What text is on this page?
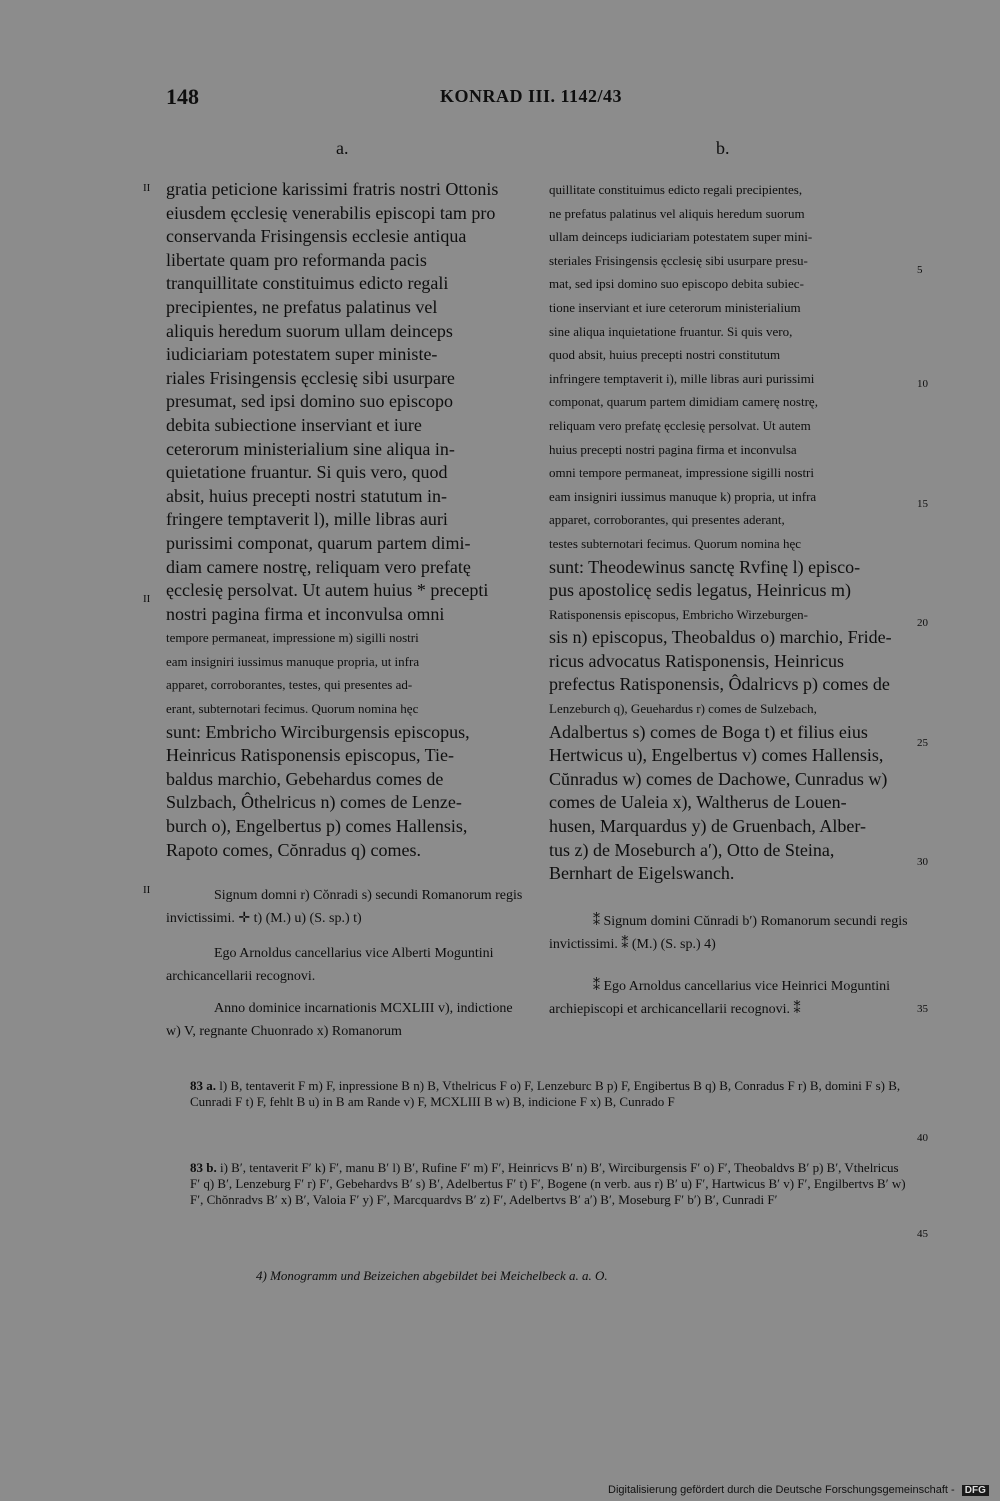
148	KONRAD III. 1142/43
a.	b.
II
II
II

gratia peticione karissimi fratris nostri Ottonis

eiusdem ęcclesię venerabilis episcopi tam pro

conservanda Frisingensis ecclesie antiqua

libertate quam pro reformanda pacis

tranquillitate constituimus edicto regali

precipientes, ne prefatus palatinus vel

aliquis heredum suorum ullam deinceps

iudiciariam potestatem super ministe-

riales Frisingensis ęcclesię sibi usurpare

presumat, sed ipsi domino suo episcopo

debita subiectione inserviant et iure

ceterorum ministerialium sine aliqua in-

quietatione fruantur. Si quis vero, quod

absit, huius precepti nostri statutum in-

fringere temptaverit l), mille libras auri

purissimi componat, quarum partem dimi-

diam camere nostrę, reliquam vero prefatę

ęcclesię persolvat. Ut autem huius * precepti

nostri pagina firma et inconvulsa omni

tempore permaneat, impressione m) sigilli nostri

eam insigniri iussimus manuque propria, ut infra

apparet, corroborantes, testes, qui presentes ad-

erant, subternotari fecimus. Quorum nomina hęc

sunt: Embricho Wirciburgensis episcopus,

Heinricus Ratisponensis episcopus, Tie-

baldus marchio, Gebehardus comes de

Sulzbach, Ôthelricus n) comes de Lenze-

burch o), Engelbertus p) comes Hallensis,

Rapoto comes, Cŏnradus q) comes.

quillitate constituimus edicto regali precipientes,

ne prefatus palatinus vel aliquis heredum suorum

ullam deinceps iudiciariam potestatem super mini-

steriales Frisingensis ęcclesię sibi usurpare presu-

mat, sed ipsi domino suo episcopo debita subiec-

tione inserviant et iure ceterorum ministerialium

sine aliqua inquietatione fruantur. Si quis vero,

quod absit, huius precepti nostri constitutum

infringere temptaverit i), mille libras auri purissimi

componat, quarum partem dimidiam camerę nostrę,

reliquam vero prefatę ęcclesię persolvat. Ut autem

huius precepti nostri pagina firma et inconvulsa

omni tempore permaneat, impressione sigilli nostri

eam insigniri iussimus manuque k) propria, ut infra

apparet, corroborantes, qui presentes aderant,

testes subternotari fecimus. Quorum nomina hęc

sunt: Theodewinus sanctę Rvfinę l) episco-

pus apostolicę sedis legatus, Heinricus m)

Ratisponensis episcopus, Embricho Wirzeburgen-

sis n) episcopus, Theobaldus o) marchio, Fride-

ricus advocatus Ratisponensis, Heinricus

prefectus Ratisponensis, Ôdalricvs p) comes de

Lenzeburch q), Geuehardus r) comes de Sulzebach,

Adalbertus s) comes de Boga t) et filius eius

Hertwicus u), Engelbertus v) comes Hallensis,

Cŭnradus w) comes de Dachowe, Cunradus w)

comes de Ualeia x), Waltherus de Louen-

husen, Marquardus y) de Gruenbach, Alber-

tus z) de Moseburch a′), Otto de Steina,

Bernhart de Eigelswanch.

5
10
15
20
25
30
35
40
45
Signum domni r) Cŏnradi s) secundi Romanorum regis invictissimi. ✛ t) (M.) u) (S. sp.) t)
Ego Arnoldus cancellarius vice Alberti Moguntini archicancellarii recognovi.
Anno dominice incarnationis MCXLIII v), indictione w) V, regnante Chuonrado x) Romanorum
⁑ Signum domini Cŭnradi b′) Romanorum secundi regis invictissimi. ⁑ (M.) (S. sp.) 4)
⁑ Ego Arnoldus cancellarius vice Heinrici Moguntini archiepiscopi et archicancellarii recognovi. ⁑
83 a. l) B, tentaverit F m) F, inpressione B n) B, Vthelricus F o) F, Lenzeburc B p) F, Engibertus B q) B, Conradus F r) B, domini F s) B, Cunradi F t) F, fehlt B u) in B am Rande v) F, MCXLIII B w) B, indicione F x) B, Cunrado F
83 b. i) B′, tentaverit F′ k) F′, manu B′ l) B′, Rufine F′ m) F′, Heinricvs B′ n) B′, Wirciburgensis F′ o) F′, Theobaldvs B′ p) B′, Vthelricus F′ q) B′, Lenzeburg F′ r) F′, Gebehardvs B′ s) B′, Adelbertus F′ t) F′, Bogene (n verb. aus r) B′ u) F′, Hartwicus B′ v) F′, Engilbertvs B′ w) F′, Chŏnradvs B′ x) B′, Valoia F′ y) F′, Marcquardvs B′ z) F′, Adelbertvs B′ a′) B′, Moseburg F′ b′) B′, Cunradi F′
4) Monogramm und Beizeichen abgebildet bei Meichelbeck a. a. O.
Digitalisierung gefördert durch die Deutsche Forschungsgemeinschaft - DFG
